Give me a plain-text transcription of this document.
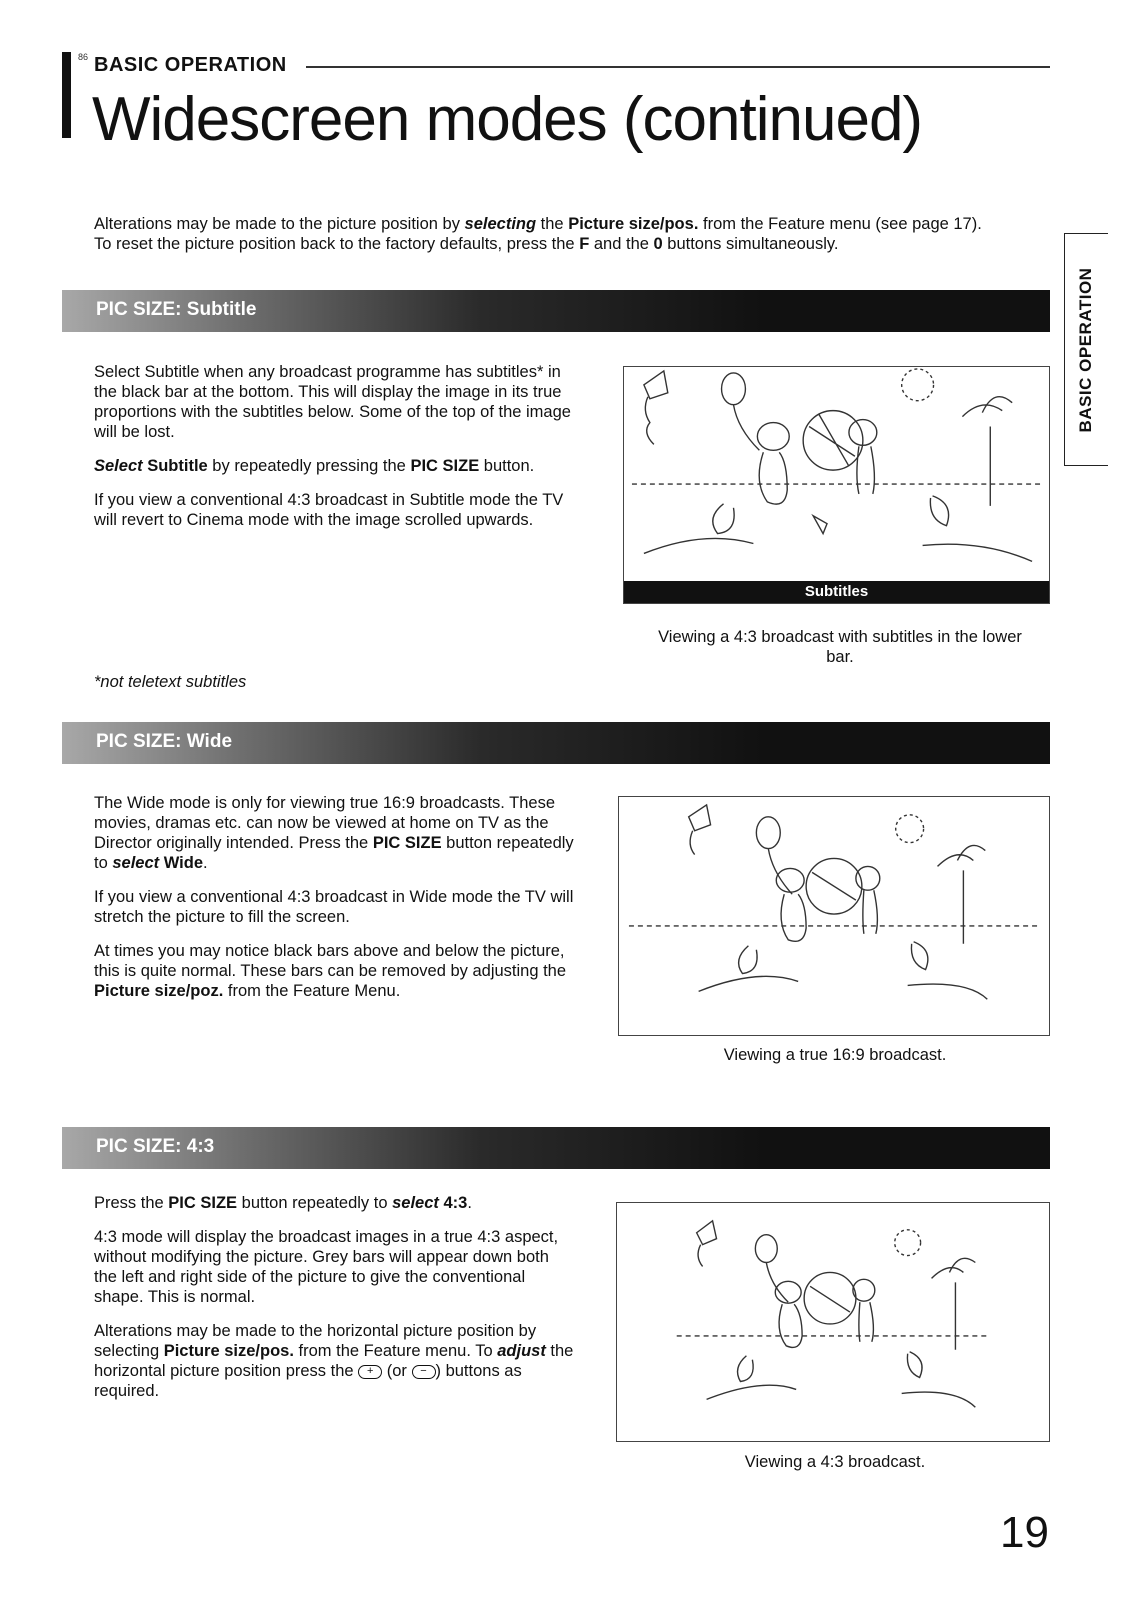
86 BASIC OPERATION
Widescreen modes (continued)
Alterations may be made to the picture position by selecting the Picture size/pos. from the Feature menu (see page 17).
To reset the picture position back to the factory defaults, press the F and the 0 buttons simultaneously.
BASIC OPERATION
PIC SIZE: Subtitle

Select Subtitle when any broadcast programme has subtitles* in the black bar at the bottom. This will display the image in its true proportions with the subtitles below. Some of the top of the image will be lost.

Select Subtitle by repeatedly pressing the PIC SIZE button.

If you view a conventional 4:3 broadcast in Subtitle mode the TV will revert to Cinema mode with the image scrolled upwards.

Subtitles
Viewing a 4:3 broadcast with subtitles in the lower bar.
*not teletext subtitles
PIC SIZE: Wide

The Wide mode is only for viewing true 16:9 broadcasts. These movies, dramas etc. can now be viewed at home on TV as the Director originally intended. Press the PIC SIZE button repeatedly to select Wide.

If you view a conventional 4:3 broadcast in Wide mode the TV will stretch the picture to fill the screen.

At times you may notice black bars above and below the picture, this is quite normal. These bars can be removed by adjusting the Picture size/poz. from the Feature Menu.

Viewing a true 16:9 broadcast.
PIC SIZE: 4:3

Press the PIC SIZE button repeatedly to select 4:3.

4:3 mode will display the broadcast images in a true 4:3 aspect, without modifying the picture. Grey bars will appear down both the left and right side of the picture to give the conventional shape. This is normal.

Alterations may be made to the horizontal picture position by selecting Picture size/pos. from the Feature menu. To adjust the horizontal picture position press the + (or − ) buttons as required.

Viewing a 4:3 broadcast.
19
